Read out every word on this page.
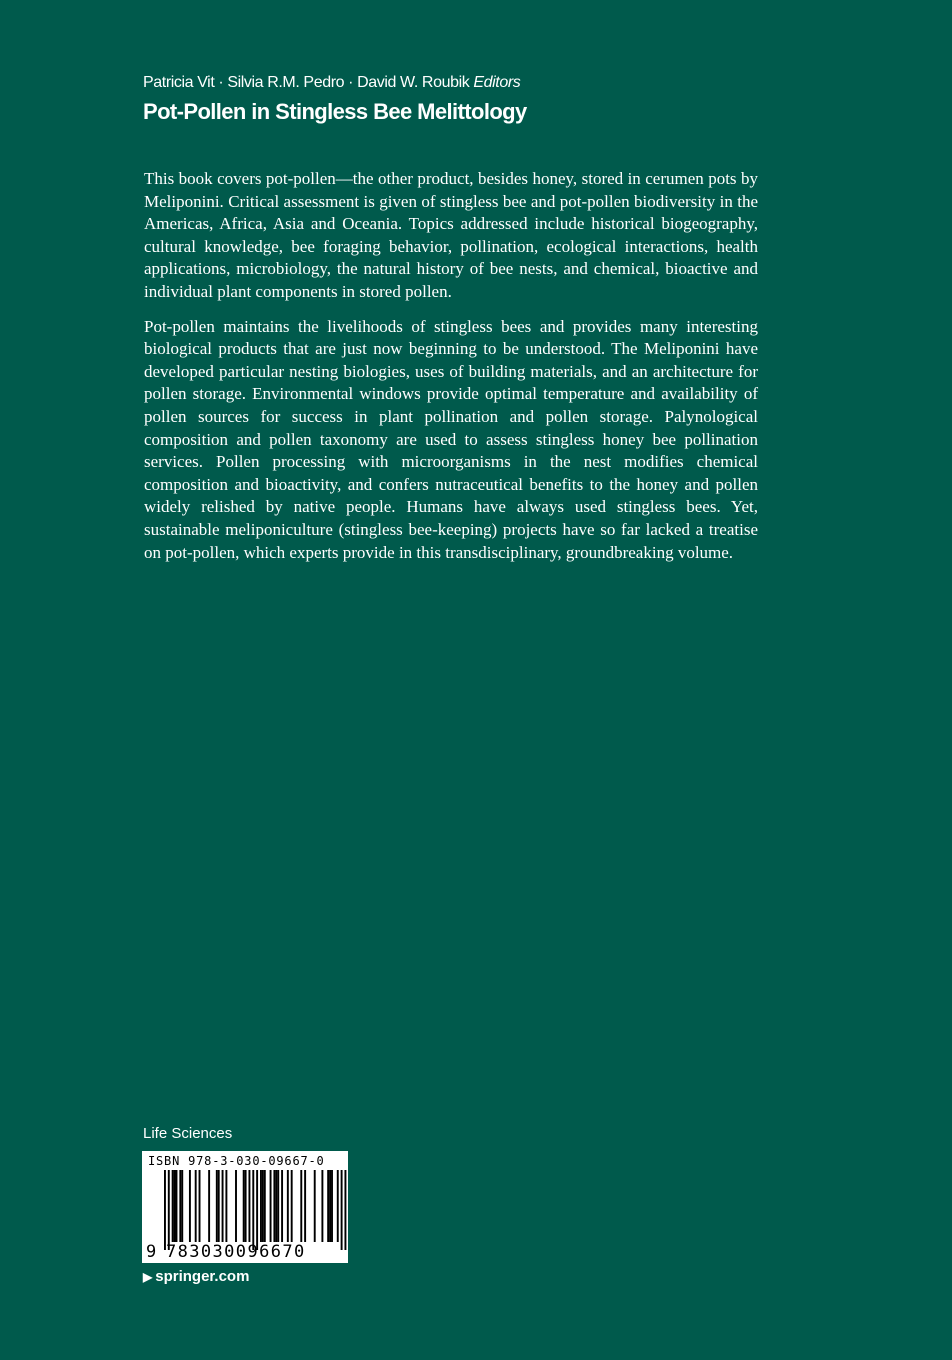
Patricia Vit · Silvia R.M. Pedro · David W. Roubik Editors
Pot-Pollen in Stingless Bee Melittology

This book covers pot-pollen—the other product, besides honey, stored in cerumen pots by Meliponini. Critical assessment is given of stingless bee and pot-pollen biodiversity in the Americas, Africa, Asia and Oceania. Topics addressed include historical biogeography, cultural knowledge, bee foraging behavior, pollination, ecological interactions, health applications, microbiology, the natural history of bee nests, and chemical, bioactive and individual plant components in stored pollen.

Pot-pollen maintains the livelihoods of stingless bees and provides many interesting biological products that are just now beginning to be understood. The Meliponini have developed particular nesting biologies, uses of building materials, and an architecture for pollen storage. Environmental windows provide optimal temperature and availability of pollen sources for success in plant pollination and pollen storage. Palynological composition and pollen taxonomy are used to assess stingless honey bee pollination services. Pollen processing with microorganisms in the nest modifies chemical composition and bioactivity, and confers nutraceutical benefits to the honey and pollen widely relished by native people. Humans have always used stingless bees. Yet, sustainable meliponiculture (stingless bee-keeping) projects have so far lacked a treatise on pot-pollen, which experts provide in this transdisciplinary, groundbreaking volume.

Life Sciences
ISBN 978-3-030-09667-0
9 783030096670
▶ springer.com
